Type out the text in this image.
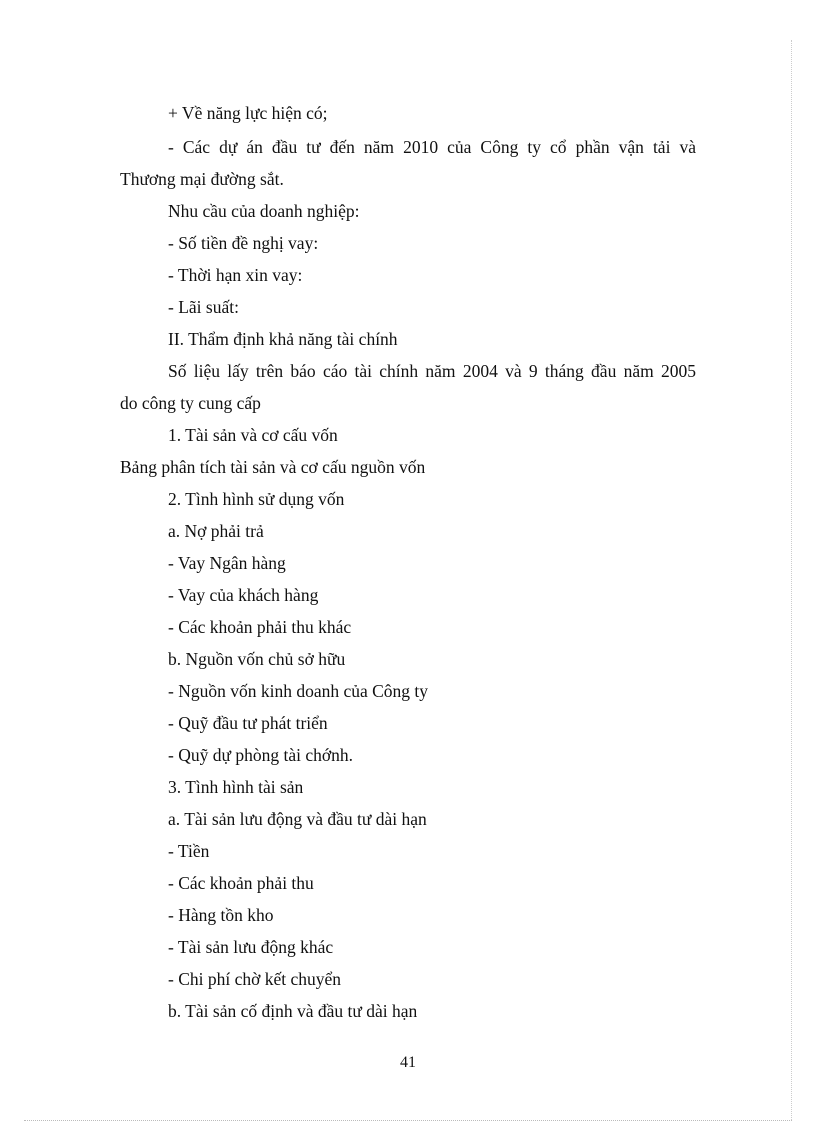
+ Về năng lực hiện có;
- Các dự án đầu tư đến năm 2010 của Công ty cổ phần vận tải và
Thương mại đường sắt.
Nhu cầu của doanh nghiệp:
- Số tiền đề nghị vay:
- Thời hạn xin vay:
- Lãi suất:
II. Thẩm định khả năng tài chính
Số liệu lấy trên báo cáo tài chính năm 2004 và 9 tháng đầu năm 2005
do công ty cung cấp
1. Tài sản và cơ cấu vốn
Bảng phân tích tài sản và cơ cấu nguồn vốn
2. Tình hình sử dụng vốn
a. Nợ phải trả
- Vay Ngân hàng
- Vay của khách hàng
- Các khoản phải thu khác
b. Nguồn vốn chủ sở hữu
- Nguồn vốn kinh doanh của Công ty
- Quỹ đầu tư phát triển
- Quỹ dự phòng tài chớnh.
3. Tình hình tài sản
a. Tài sản lưu động và đầu tư dài hạn
- Tiền
- Các khoản phải thu
- Hàng tồn kho
- Tài sản lưu động khác
- Chi phí chờ kết chuyển
b. Tài sản cố định và đầu tư dài hạn
41
